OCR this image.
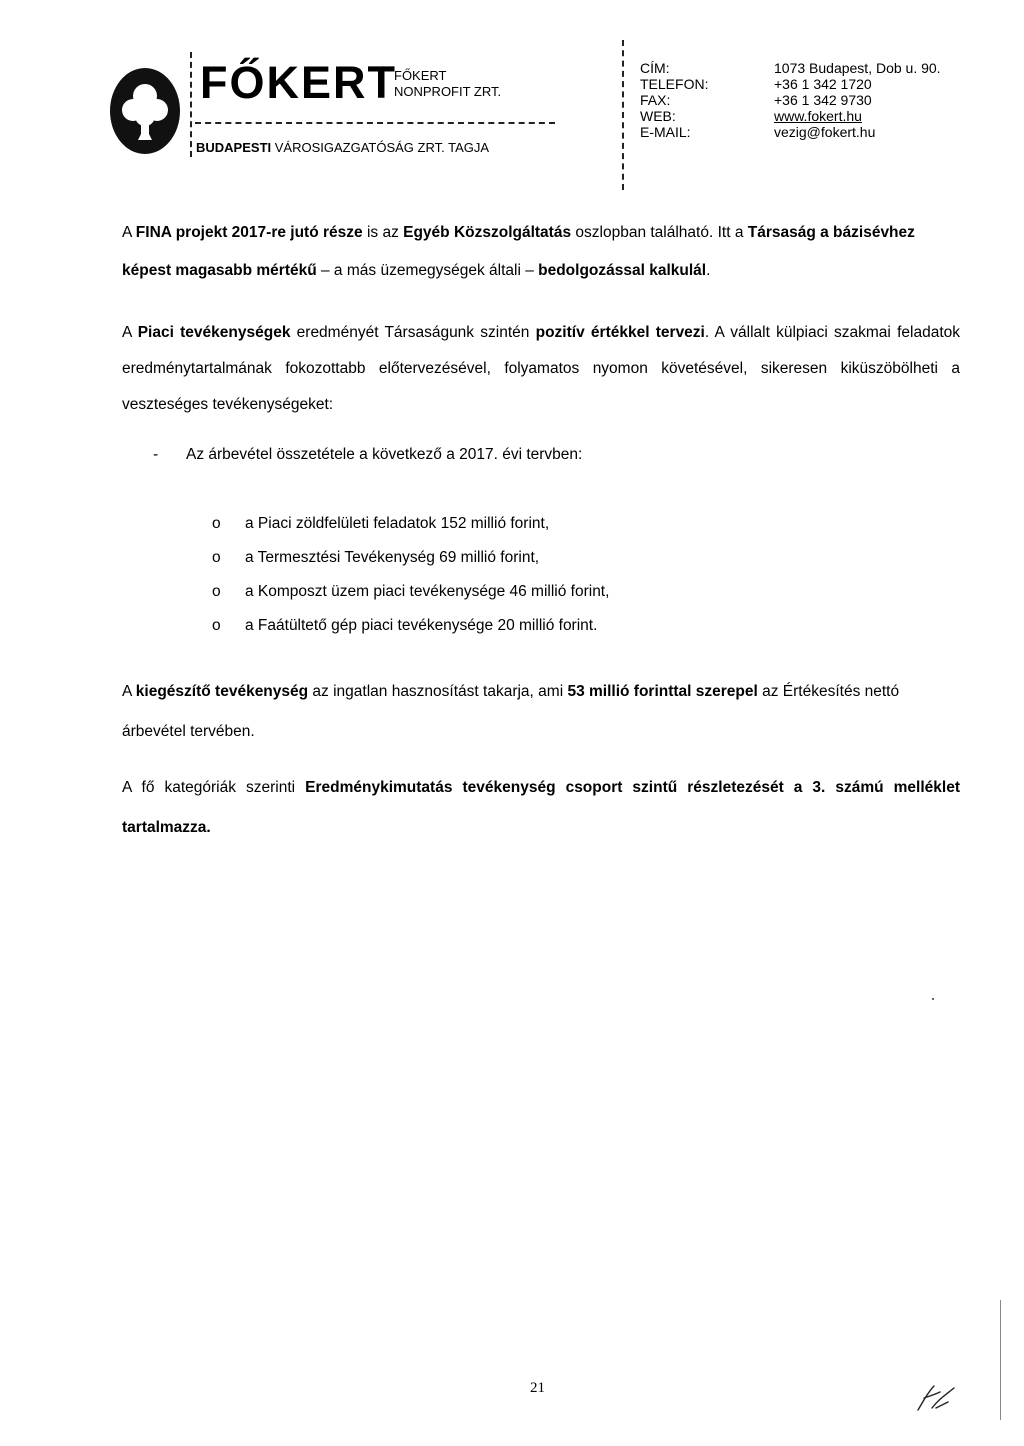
FŐKERT
FŐKERT
NONPROFIT ZRT.
BUDAPESTI VÁROSIGAZGATÓSÁG ZRT. TAGJA
CÍM:	1073 Budapest, Dob u. 90.
TELEFON:	+36 1 342 1720
FAX:	+36 1 342 9730
WEB:	www.fokert.hu
E-MAIL:	vezig@fokert.hu
A FINA projekt 2017-re jutó része is az Egyéb Közszolgáltatás oszlopban található. Itt a Társaság a bázisévhez képest magasabb mértékű – a más üzemegységek általi – bedolgozással kalkulál.
A Piaci tevékenységek eredményét Társaságunk szintén pozitív értékkel tervezi. A vállalt külpiaci szakmai feladatok eredménytartalmának fokozottabb előtervezésével, folyamatos nyomon követésével, sikeresen kiküszöbölheti a veszteséges tevékenységeket:
- Az árbevétel összetétele a következő a 2017. évi tervben:
o	a Piaci zöldfelületi feladatok 152 millió forint,
o	a Termesztési Tevékenység 69 millió forint,
o	a Komposzt üzem piaci tevékenysége 46 millió forint,
o	a Faátültető gép piaci tevékenysége 20 millió forint.
A kiegészítő tevékenység az ingatlan hasznosítást takarja, ami 53 millió forinttal szerepel az Értékesítés nettó árbevétel tervében.
A fő kategóriák szerinti Eredménykimutatás tevékenység csoport szintű részletezését a 3. számú melléklet tartalmazza.
21
